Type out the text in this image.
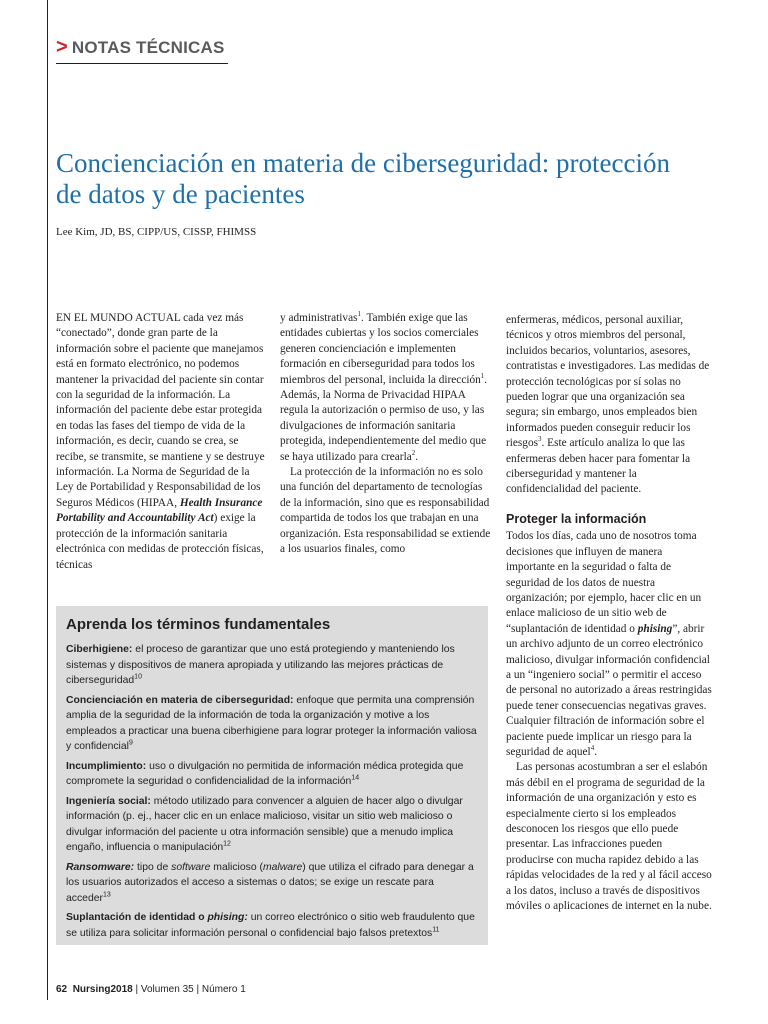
> NOTAS TÉCNICAS
Concienciación en materia de ciberseguridad: protección de datos y de pacientes
Lee Kim, JD, BS, CIPP/US, CISSP, FHIMSS

EN EL MUNDO ACTUAL cada vez más “conectado”, donde gran parte de la información sobre el paciente que manejamos está en formato electrónico, no podemos mantener la privacidad del paciente sin contar con la seguridad de la información. La información del paciente debe estar protegida en todas las fases del tiempo de vida de la información, es decir, cuando se crea, se recibe, se transmite, se mantiene y se destruye información. La Norma de Seguridad de la Ley de Portabilidad y Responsabilidad de los Seguros Médicos (HIPAA, Health Insurance Portability and Accountability Act) exige la protección de la información sanitaria electrónica con medidas de protección físicas, técnicas

y administrativas$^1$. También exige que las entidades cubiertas y los socios comerciales generen concienciación e implementen formación en ciberseguridad para todos los miembros del personal, incluida la dirección$^1$. Además, la Norma de Privacidad HIPAA regula la autorización o permiso de uso, y las divulgaciones de información sanitaria protegida, independientemente del medio que se haya utilizado para crearla$^2$.

La protección de la información no es solo una función del departamento de tecnologías de la información, sino que es responsabilidad compartida de todos los que trabajan en una organización. Esta responsabilidad se extiende a los usuarios finales, como

enfermeras, médicos, personal auxiliar, técnicos y otros miembros del personal, incluidos becarios, voluntarios, asesores, contratistas e investigadores. Las medidas de protección tecnológicas por sí solas no pueden lograr que una organización sea segura; sin embargo, unos empleados bien informados pueden conseguir reducir los riesgos$^3$. Este artículo analiza lo que las enfermeras deben hacer para fomentar la ciberseguridad y mantener la confidencialidad del paciente.

Proteger la información

Todos los días, cada uno de nosotros toma decisiones que influyen de manera importante en la seguridad o falta de seguridad de los datos de nuestra organización; por ejemplo, hacer clic en un enlace malicioso de un sitio web de “suplantación de identidad o phising”, abrir un archivo adjunto de un correo electrónico malicioso, divulgar información confidencial a un “ingeniero social” o permitir el acceso de personal no autorizado a áreas restringidas puede tener consecuencias negativas graves. Cualquier filtración de información sobre el paciente puede implicar un riesgo para la seguridad de aquel$^4$.

Las personas acostumbran a ser el eslabón más débil en el programa de seguridad de la información de una organización y esto es especialmente cierto si los empleados desconocen los riesgos que ello puede presentar. Las infracciones pueden producirse con mucha rapidez debido a las rápidas velocidades de la red y al fácil acceso a los datos, incluso a través de dispositivos móviles o aplicaciones de internet en la nube.

Aprenda los términos fundamentales

Ciberhigiene: el proceso de garantizar que uno está protegiendo y manteniendo los sistemas y dispositivos de manera apropiada y utilizando las mejores prácticas de ciberseguridad$^{10}$

Concienciación en materia de ciberseguridad: enfoque que permita una comprensión amplia de la seguridad de la información de toda la organización y motive a los empleados a practicar una buena ciberhigiene para lograr proteger la información valiosa y confidencial$^9$

Incumplimiento: uso o divulgación no permitida de información médica protegida que compromete la seguridad o confidencialidad de la información$^{14}$

Ingeniería social: método utilizado para convencer a alguien de hacer algo o divulgar información (p. ej., hacer clic en un enlace malicioso, visitar un sitio web malicioso o divulgar información del paciente u otra información sensible) que a menudo implica engaño, influencia o manipulación$^{12}$

Ransomware: tipo de software malicioso (malware) que utiliza el cifrado para denegar a los usuarios autorizados el acceso a sistemas o datos; se exige un rescate para acceder$^{13}$

Suplantación de identidad o phising: un correo electrónico o sitio web fraudulento que se utiliza para solicitar información personal o confidencial bajo falsos pretextos$^{11}$

62 Nursing2018 | Volumen 35 | Número 1
